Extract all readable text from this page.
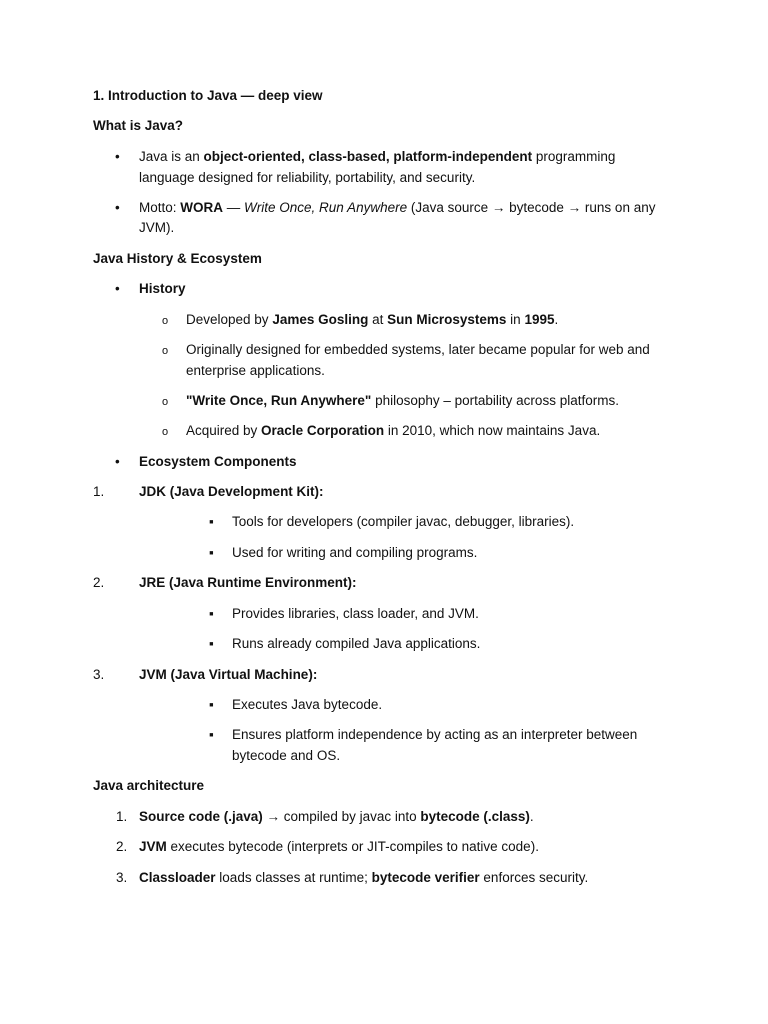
1. Introduction to Java — deep view
What is Java?
•
Java is an object-oriented, class-based, platform-independent programming
language designed for reliability, portability, and security.
•
Motto: WORA — Write Once, Run Anywhere (Java source → bytecode → runs on any
JVM).
Java History & Ecosystem
•
History
o
Developed by James Gosling at Sun Microsystems in 1995.
o
Originally designed for embedded systems, later became popular for web and
enterprise applications.
o
"Write Once, Run Anywhere" philosophy – portability across platforms.
o
Acquired by Oracle Corporation in 2010, which now maintains Java.
•
Ecosystem Components
1.	JDK (Java Development Kit):
▪
Tools for developers (compiler javac, debugger, libraries).
▪
Used for writing and compiling programs.
2.	JRE (Java Runtime Environment):
▪
Provides libraries, class loader, and JVM.
▪
Runs already compiled Java applications.
3.	JVM (Java Virtual Machine):
▪
Executes Java bytecode.
▪
Ensures platform independence by acting as an interpreter between
bytecode and OS.
Java architecture
1. Source code (.java) → compiled by javac into bytecode (.class).
2. JVM executes bytecode (interprets or JIT-compiles to native code).
3. Classloader loads classes at runtime; bytecode verifier enforces security.
